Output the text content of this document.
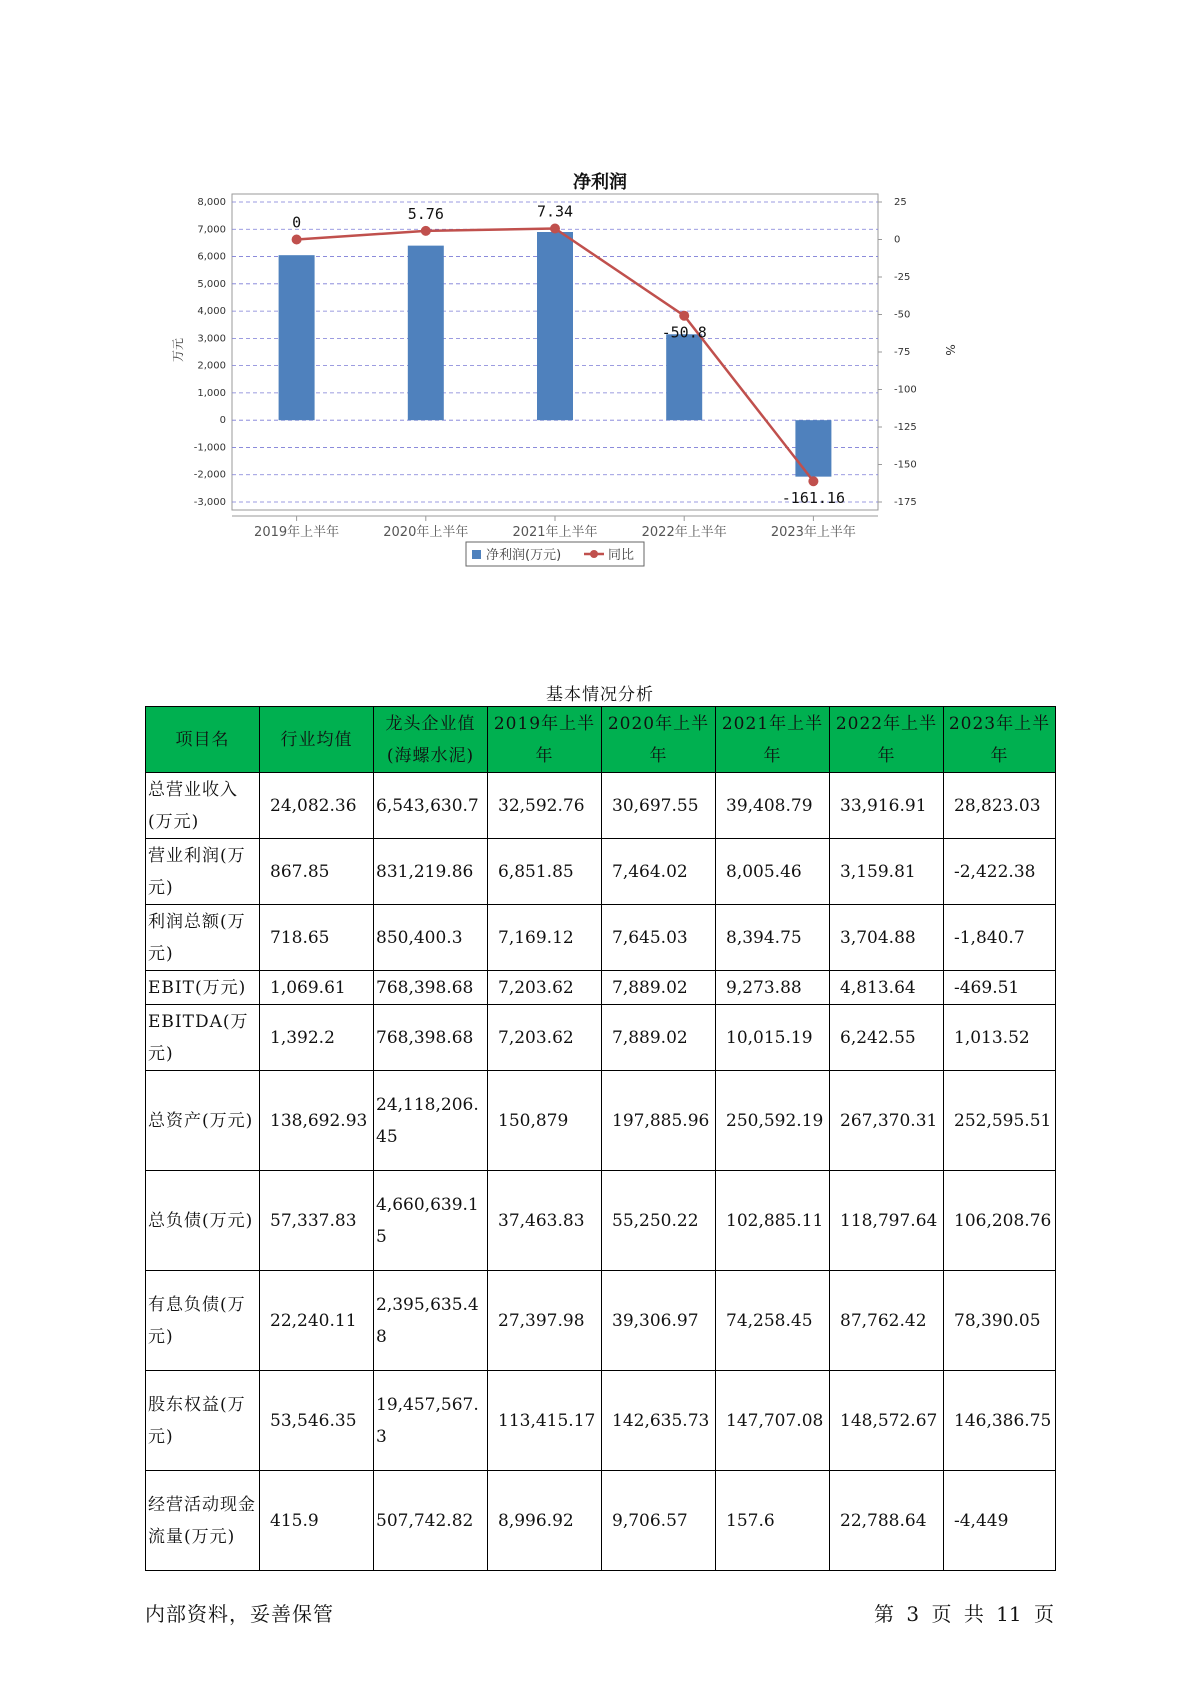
净利润
8,000
7,000
6,000
5,000
4,000
3,000
2,000
1,000
0
-1,000
-2,000
-3,000
25
0
-25
-50
-75
-100
-125
-150
-175
万元	%
2019年上半年	2020年上半年	2021年上半年	2022年上半年	2023年上半年
0	5.76	7.34
-50.8
-161.16
净利润(万元)	同比
基本情况分析
项目名	行业均值	龙头企业值(海螺水泥)	2019年上半年	2020年上半年	2021年上半年	2022年上半年	2023年上半年
总营业收入(万元)	24,082.36	6,543,630.7	32,592.76	30,697.55	39,408.79	33,916.91	28,823.03
营业利润(万元)	867.85	831,219.86	6,851.85	7,464.02	8,005.46	3,159.81	-2,422.38
利润总额(万元)	718.65	850,400.3	7,169.12	7,645.03	8,394.75	3,704.88	-1,840.7
EBIT(万元)	1,069.61	768,398.68	7,203.62	7,889.02	9,273.88	4,813.64	-469.51
EBITDA(万元)	1,392.2	768,398.68	7,203.62	7,889.02	10,015.19	6,242.55	1,013.52
总资产(万元)	138,692.93	24,118,206.45	150,879	197,885.96	250,592.19	267,370.31	252,595.51
总负债(万元)	57,337.83	4,660,639.15	37,463.83	55,250.22	102,885.11	118,797.64	106,208.76
有息负债(万元)	22,240.11	2,395,635.48	27,397.98	39,306.97	74,258.45	87,762.42	78,390.05
股东权益(万元)	53,546.35	19,457,567.3	113,415.17	142,635.73	147,707.08	148,572.67	146,386.75
经营活动现金流量(万元)	415.9	507,742.82	8,996.92	9,706.57	157.6	22,788.64	-4,449
内部资料，妥善保管	第 3 页 共 11 页
